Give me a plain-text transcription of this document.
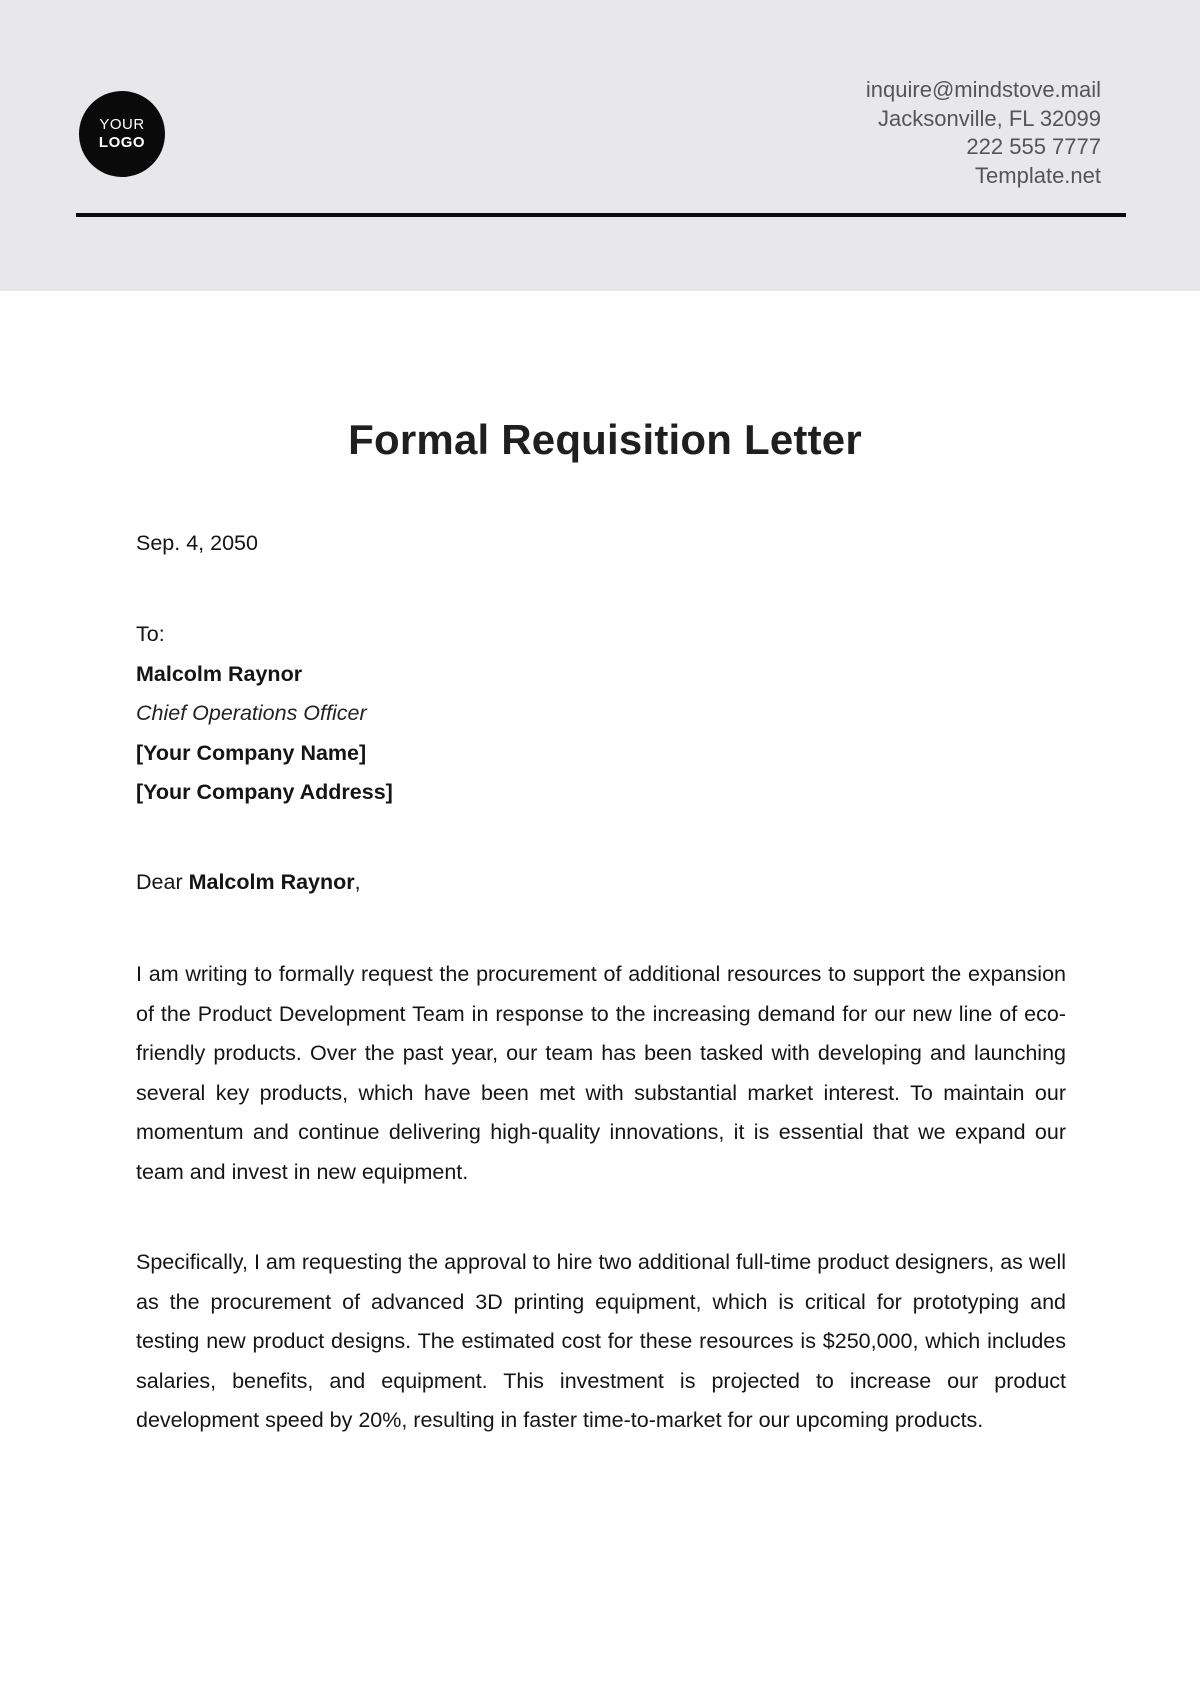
YOUR
LOGO
inquire@mindstove.mail
Jacksonville, FL 32099
222 555 7777
Template.net
Formal Requisition Letter
Sep. 4, 2050
To:
Malcolm Raynor
Chief Operations Officer
[Your Company Name]
[Your Company Address]
Dear Malcolm Raynor,
I am writing to formally request the procurement of additional resources to support the expansion of the Product Development Team in response to the increasing demand for our new line of eco-friendly products. Over the past year, our team has been tasked with developing and launching several key products, which have been met with substantial market interest. To maintain our momentum and continue delivering high-quality innovations, it is essential that we expand our team and invest in new equipment.
Specifically, I am requesting the approval to hire two additional full-time product designers, as well as the procurement of advanced 3D printing equipment, which is critical for prototyping and testing new product designs. The estimated cost for these resources is $250,000, which includes salaries, benefits, and equipment. This investment is projected to increase our product development speed by 20%, resulting in faster time-to-market for our upcoming products.
